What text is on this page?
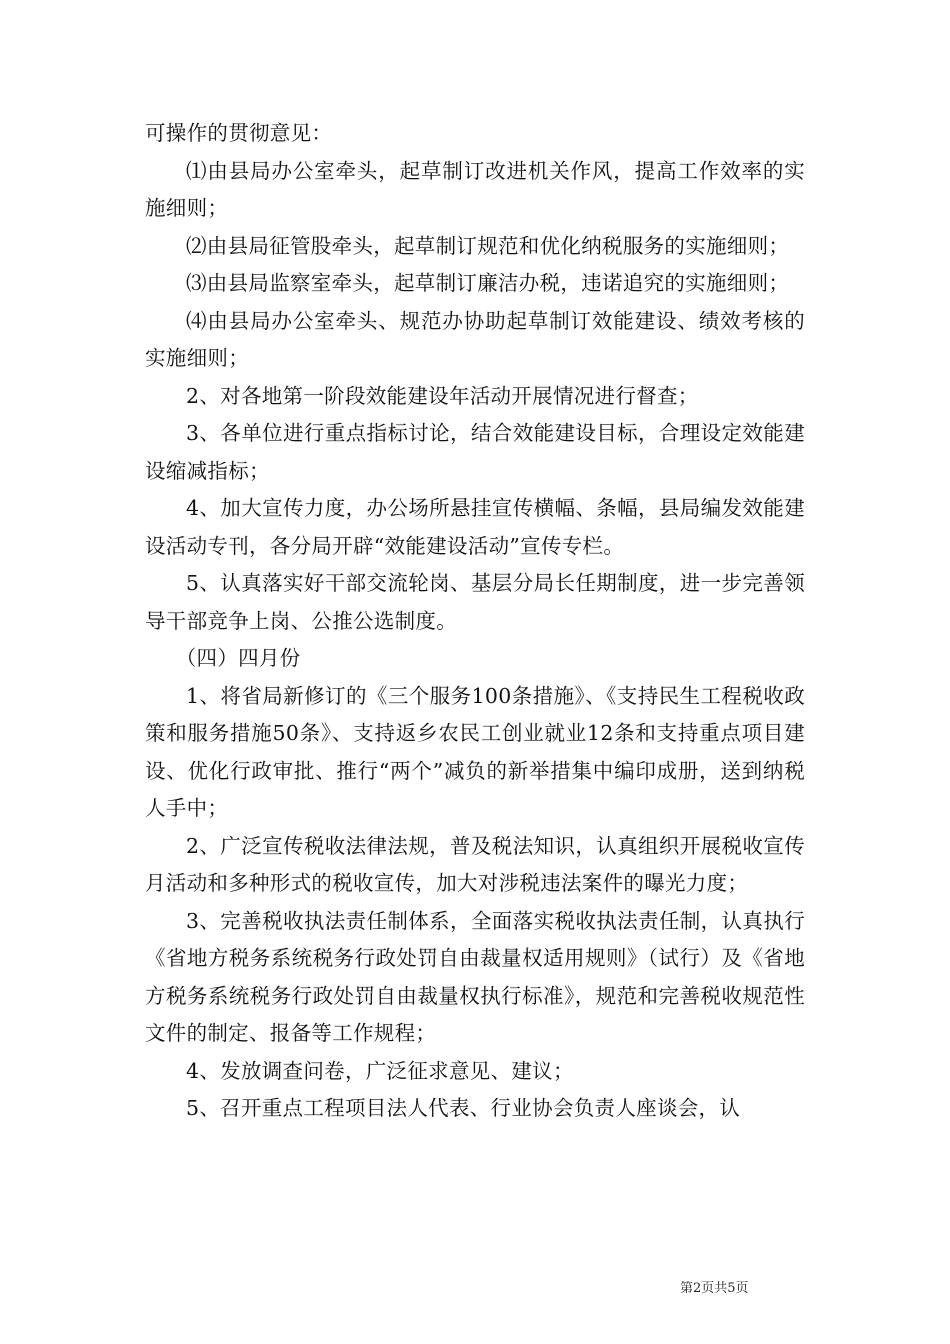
可操作的贯彻意见：

⑴由县局办公室牵头，起草制订改进机关作风，提高工作效率的实施细则；

⑵由县局征管股牵头，起草制订规范和优化纳税服务的实施细则；

⑶由县局监察室牵头，起草制订廉洁办税，违诺追究的实施细则；

⑷由县局办公室牵头、规范办协助起草制订效能建设、绩效考核的实施细则；

2、对各地第一阶段效能建设年活动开展情况进行督查；

3、各单位进行重点指标讨论，结合效能建设目标，合理设定效能建设缩减指标；

4、加大宣传力度，办公场所悬挂宣传横幅、条幅，县局编发效能建设活动专刊，各分局开辟“效能建设活动”宣传专栏。

5、认真落实好干部交流轮岗、基层分局长任期制度，进一步完善领导干部竞争上岗、公推公选制度。

（四）四月份

1、将省局新修订的《三个服务100条措施》、《支持民生工程税收政策和服务措施50条》、支持返乡农民工创业就业12条和支持重点项目建设、优化行政审批、推行“两个”减负的新举措集中编印成册，送到纳税人手中；

2、广泛宣传税收法律法规，普及税法知识，认真组织开展税收宣传月活动和多种形式的税收宣传，加大对涉税违法案件的曝光力度；

3、完善税收执法责任制体系，全面落实税收执法责任制，认真执行《省地方税务系统税务行政处罚自由裁量权适用规则》（试行）及《省地方税务系统税务行政处罚自由裁量权执行标准》，规范和完善税收规范性文件的制定、报备等工作规程；

4、发放调查问卷，广泛征求意见、建议；

5、召开重点工程项目法人代表、行业协会负责人座谈会，认

第2页共5页
